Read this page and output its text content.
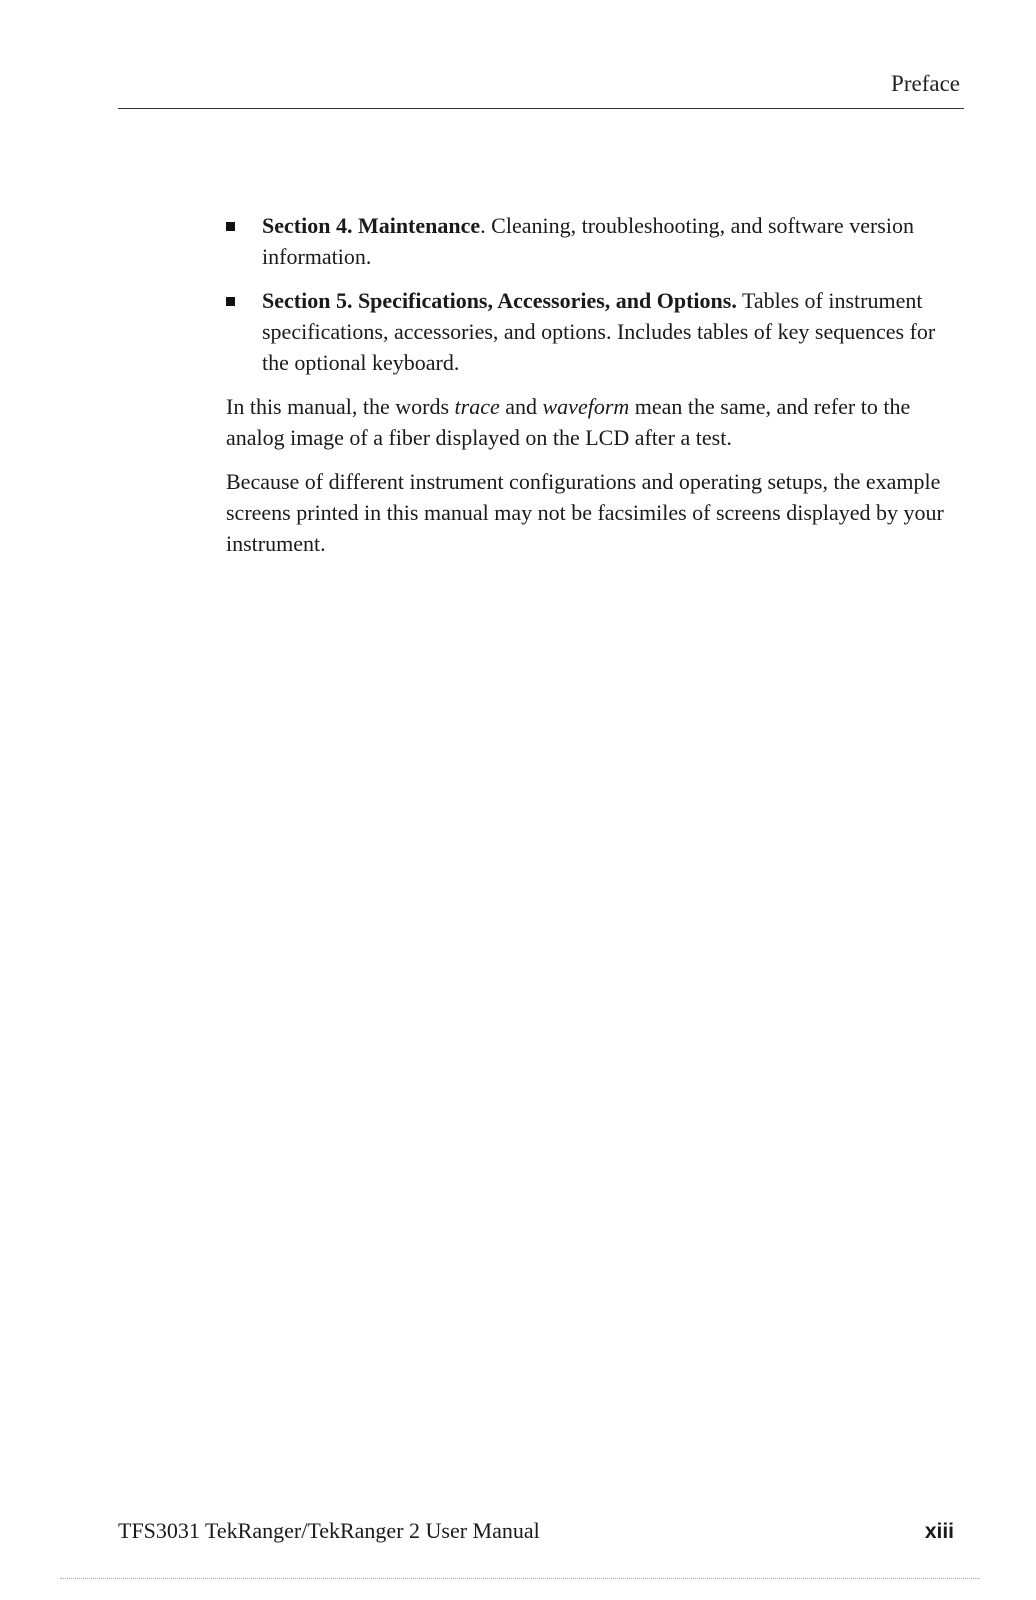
Preface
Section 4. Maintenance. Cleaning, troubleshooting, and software version information.
Section 5. Specifications, Accessories, and Options. Tables of instrument specifications, accessories, and options. Includes tables of key sequences for the optional keyboard.

In this manual, the words trace and waveform mean the same, and refer to the analog image of a fiber displayed on the LCD after a test.

Because of different instrument configurations and operating setups, the example screens printed in this manual may not be facsimiles of screens displayed by your instrument.

TFS3031 TekRanger/TekRanger 2 User Manual	xiii
